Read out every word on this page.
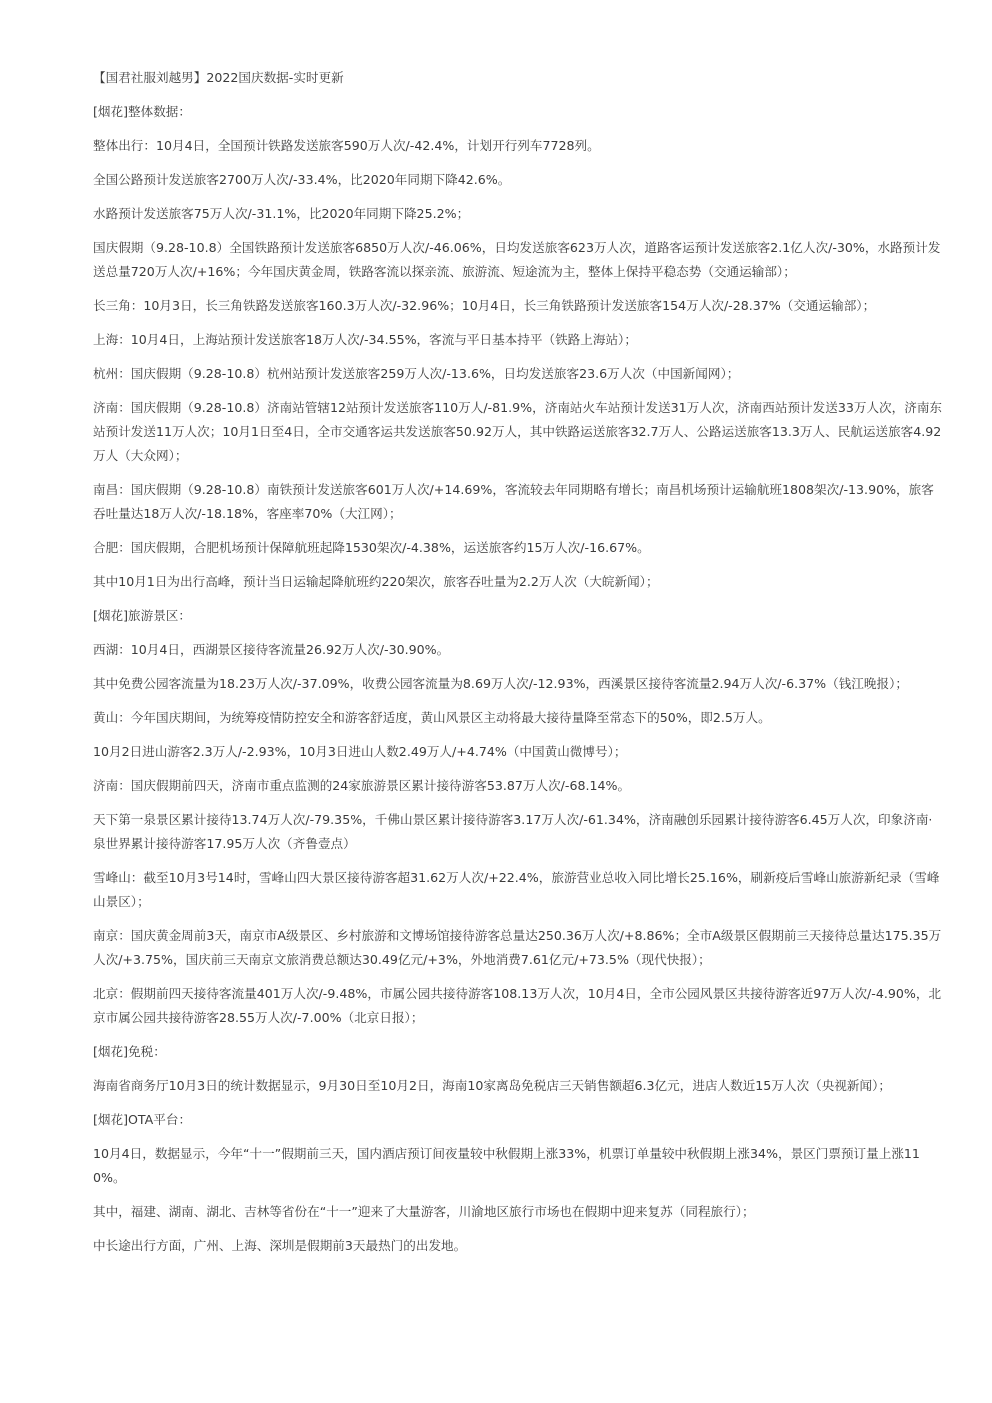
【国君社服刘越男】2022国庆数据-实时更新

[烟花]整体数据：

整体出行：10月4日，全国预计铁路发送旅客590万人次/-42.4%，计划开行列车7728列。

全国公路预计发送旅客2700万人次/-33.4%，比2020年同期下降42.6%。

水路预计发送旅客75万人次/-31.1%，比2020年同期下降25.2%；

国庆假期（9.28-10.8）全国铁路预计发送旅客6850万人次/-46.06%，日均发送旅客623万人次，道路客运预计发送旅客2.1亿人次/-30%，水路预计发送总量720万人次/+16%；今年国庆黄金周，铁路客流以探亲流、旅游流、短途流为主，整体上保持平稳态势（交通运输部）；

长三角：10月3日，长三角铁路发送旅客160.3万人次/-32.96%；10月4日，长三角铁路预计发送旅客154万人次/-28.37%（交通运输部）；

上海：10月4日，上海站预计发送旅客18万人次/-34.55%，客流与平日基本持平（铁路上海站）；

杭州：国庆假期（9.28-10.8）杭州站预计发送旅客259万人次/-13.6%，日均发送旅客23.6万人次（中国新闻网）；

济南：国庆假期（9.28-10.8）济南站管辖12站预计发送旅客110万人/-81.9%，济南站火车站预计发送31万人次，济南西站预计发送33万人次，济南东站预计发送11万人次；10月1日至4日，全市交通客运共发送旅客50.92万人，其中铁路运送旅客32.7万人、公路运送旅客13.3万人、民航运送旅客4.92万人（大众网）；

南昌：国庆假期（9.28-10.8）南铁预计发送旅客601万人次/+14.69%，客流较去年同期略有增长；南昌机场预计运输航班1808架次/-13.90%，旅客吞吐量达18万人次/-18.18%，客座率70%（大江网）；

合肥：国庆假期，合肥机场预计保障航班起降1530架次/-4.38%，运送旅客约15万人次/-16.67%。

其中10月1日为出行高峰，预计当日运输起降航班约220架次，旅客吞吐量为2.2万人次（大皖新闻）；

[烟花]旅游景区：

西湖：10月4日，西湖景区接待客流量26.92万人次/-30.90%。

其中免费公园客流量为18.23万人次/-37.09%，收费公园客流量为8.69万人次/-12.93%，西溪景区接待客流量2.94万人次/-6.37%（钱江晚报）；

黄山：今年国庆期间，为统筹疫情防控安全和游客舒适度，黄山风景区主动将最大接待量降至常态下的50%，即2.5万人。

10月2日进山游客2.3万人/-2.93%，10月3日进山人数2.49万人/+4.74%（中国黄山微博号）；

济南：国庆假期前四天，济南市重点监测的24家旅游景区累计接待游客53.87万人次/-68.14%。

天下第一泉景区累计接待13.74万人次/-79.35%，千佛山景区累计接待游客3.17万人次/-61.34%，济南融创乐园累计接待游客6.45万人次，印象济南·泉世界累计接待游客17.95万人次（齐鲁壹点）

雪峰山：截至10月3号14时，雪峰山四大景区接待游客超31.62万人次/+22.4%，旅游营业总收入同比增长25.16%，刷新疫后雪峰山旅游新纪录（雪峰山景区）；

南京：国庆黄金周前3天，南京市A级景区、乡村旅游和文博场馆接待游客总量达250.36万人次/+8.86%；全市A级景区假期前三天接待总量达175.35万人次/+3.75%，国庆前三天南京文旅消费总额达30.49亿元/+3%，外地消费7.61亿元/+73.5%（现代快报）；

北京：假期前四天接待客流量401万人次/-9.48%，市属公园共接待游客108.13万人次，10月4日，全市公园风景区共接待游客近97万人次/-4.90%，北京市属公园共接待游客28.55万人次/-7.00%（北京日报）；

[烟花]免税：

海南省商务厅10月3日的统计数据显示，9月30日至10月2日，海南10家离岛免税店三天销售额超6.3亿元，进店人数近15万人次（央视新闻）；

[烟花]OTA平台：

10月4日，数据显示，今年“十一”假期前三天，国内酒店预订间夜量较中秋假期上涨33%，机票订单量较中秋假期上涨34%，景区门票预订量上涨110%。

其中，福建、湖南、湖北、吉林等省份在“十一”迎来了大量游客，川渝地区旅行市场也在假期中迎来复苏（同程旅行）；

中长途出行方面，广州、上海、深圳是假期前3天最热门的出发地。
